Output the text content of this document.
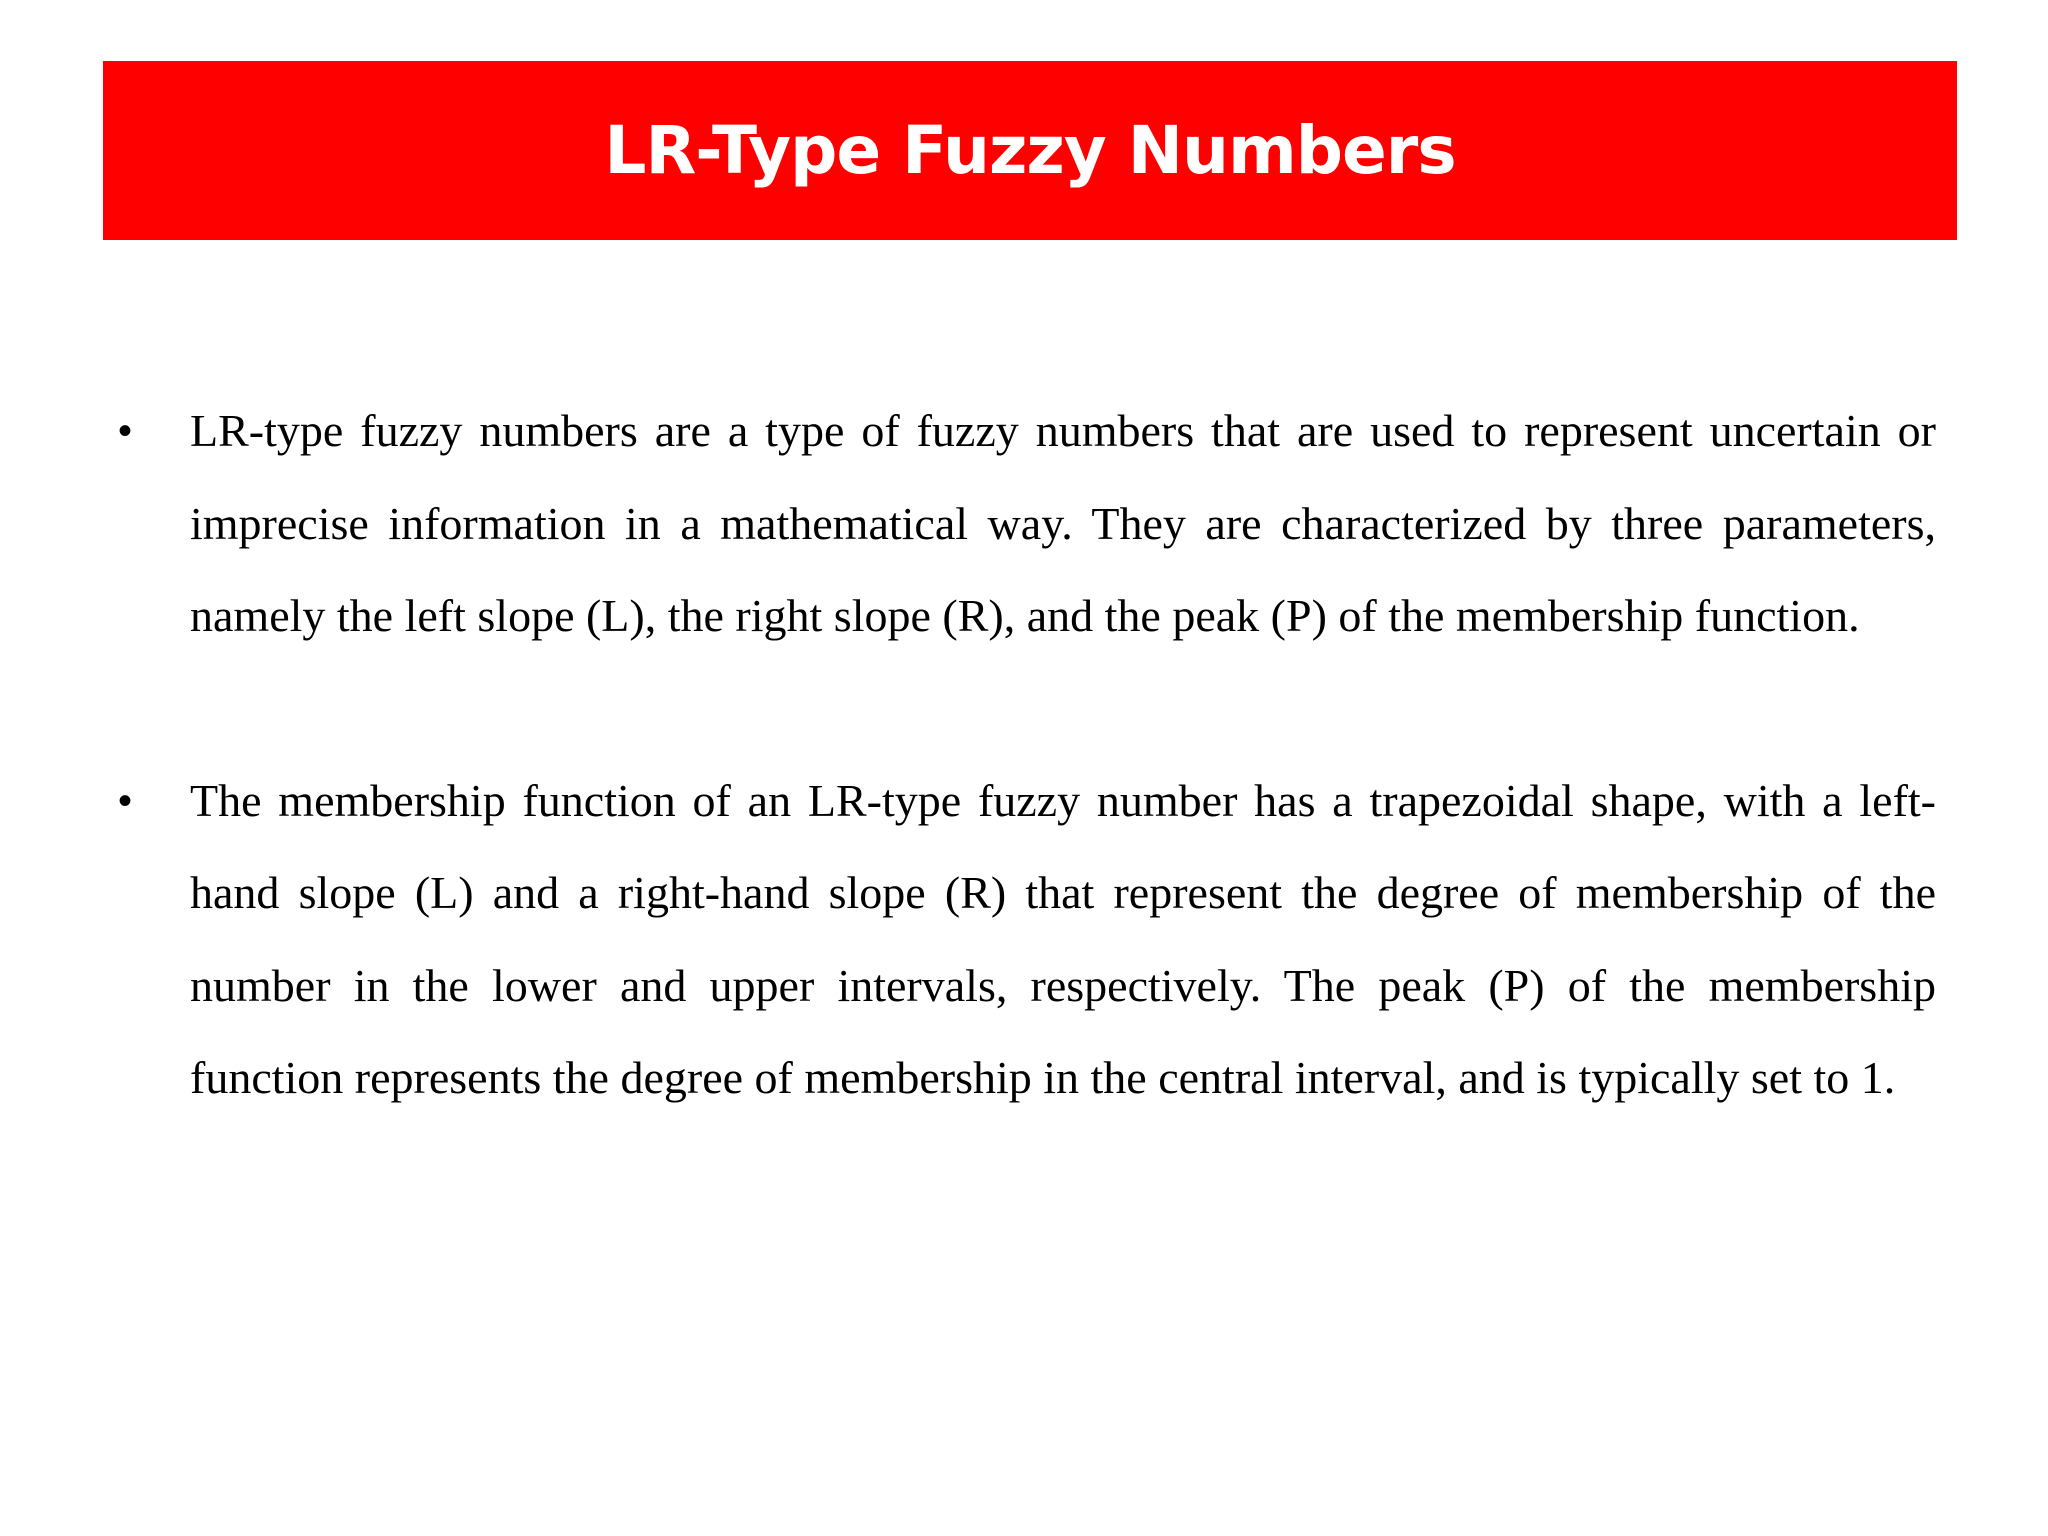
LR-Type Fuzzy Numbers
• LR-type fuzzy numbers are a type of fuzzy numbers that are used to represent uncertain or imprecise information in a mathematical way. They are characterized by three parameters, namely the left slope (L), the right slope (R), and the peak (P) of the membership function.
• The membership function of an LR-type fuzzy number has a trapezoidal shape, with a left-hand slope (L) and a right-hand slope (R) that represent the degree of membership of the number in the lower and upper intervals, respectively. The peak (P) of the membership function represents the degree of membership in the central interval, and is typically set to 1.
